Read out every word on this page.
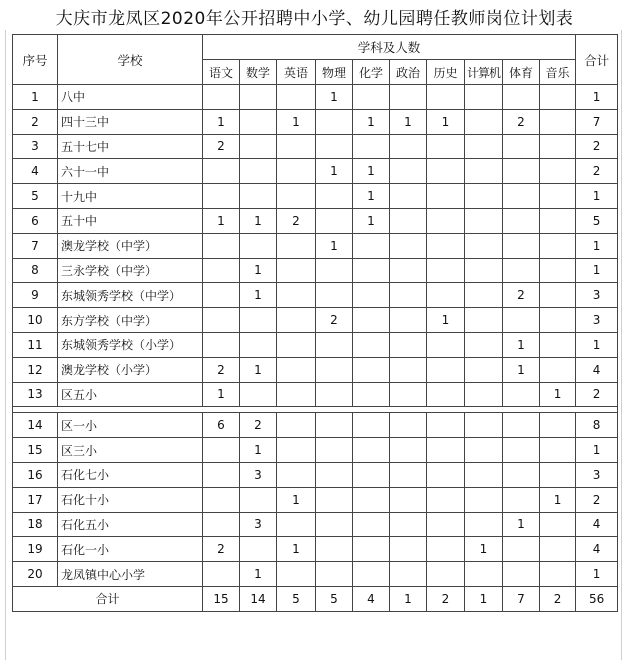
大庆市龙凤区2020年公开招聘中小学、幼儿园聘任教师岗位计划表
序号	学校	学科及人数										合计
		语文	数学	英语	物理	化学	政治	历史	计算机	体育	音乐	
1	八中				1							1
2	四十三中	1		1		1	1	1		2		7
3	五十七中	2										2
4	六十一中				1	1						2
5	十九中					1						1
6	五十中	1	1	2		1						5
7	澳龙学校（中学）				1							1
8	三永学校（中学）		1									1
9	东城领秀学校（中学）		1							2		3
10	东方学校（中学）				2			1				3
11	东城领秀学校（小学）									1		1
12	澳龙学校（小学）	2	1							1		4
13	区五小	1									1	2

14	区一小	6	2									8
15	区三小		1									1
16	石化七小		3									3
17	石化十小			1							1	2
18	石化五小		3							1		4
19	石化一小	2		1					1			4
20	龙凤镇中心小学		1									1
合计		15	14	5	5	4	1	2	1	7	2	56
